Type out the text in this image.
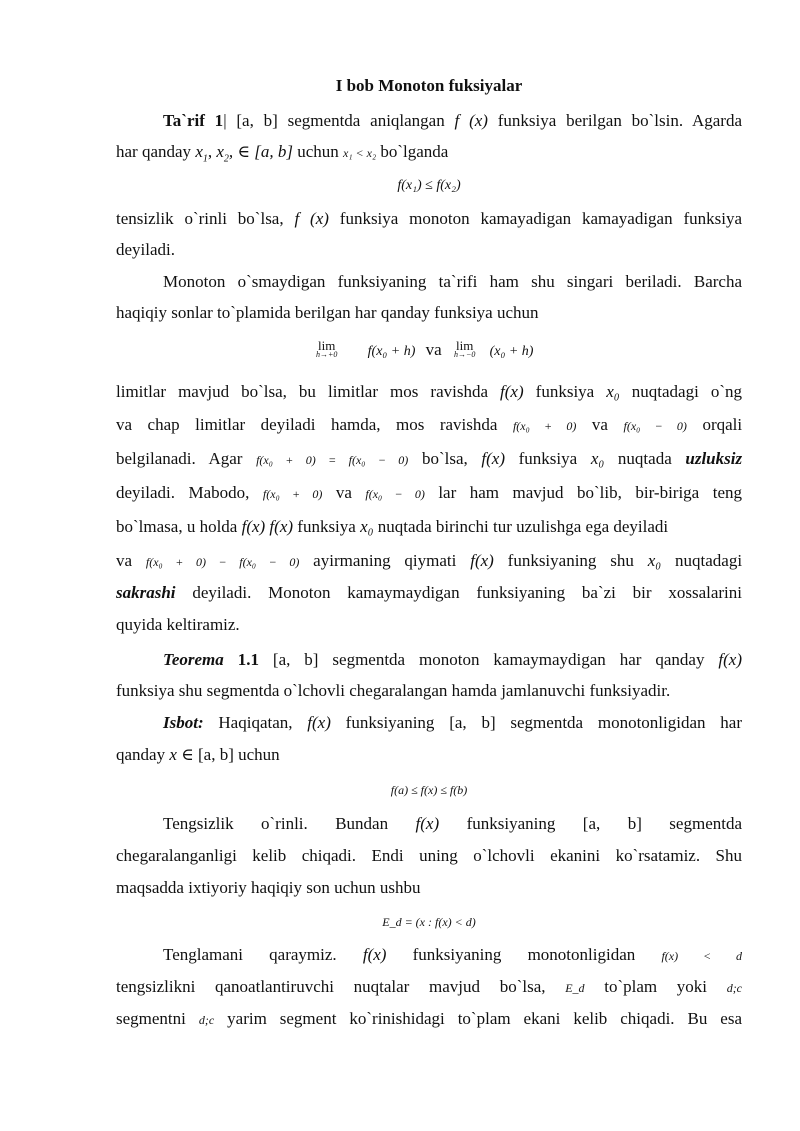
I bob Monoton fuksiyalar
Ta`rif 1| [a, b] segmentda aniqlangan f (x) funksiya berilgan bo`lsin. Agarda
har qanday $x_1$, $x_2$, ∈ [a, b] uchun x₁ < x₂ bo`lganda
f(x₁) ≤ f(x₂)
tensizlik o`rinli bo`lsa, f (x) funksiya monoton kamayadigan kamayadigan funksiya
deyiladi.
Monoton o`smaydigan funksiyaning ta`rifi ham shu singari beriladi. Barcha
haqiqiy sonlar to`plamida berilgan har qanday funksiya uchun
lim
h→+0 f(x₀ + h) va lim
h→−0 (x₀ + h)
limitlar mavjud bo`lsa, bu limitlar mos ravishda f(x) funksiya x₀ nuqtadagi o`ng
va chap limitlar deyiladi hamda, mos ravishda f(x₀ + 0) va f(x₀ − 0) orqali
belgilanadi. Agar f(x₀ + 0) = f(x₀ − 0) bo`lsa, f(x) funksiya x₀ nuqtada uzluksiz
deyiladi. Mabodo, f(x₀ + 0) va f(x₀ − 0) lar ham mavjud bo`lib, bir-biriga teng
bo`lmasa, u holda f(x) f(x) funksiya x₀ nuqtada birinchi tur uzulishga ega deyiladi
va f(x₀ + 0) − f(x₀ − 0) ayirmaning qiymati f(x) funksiyaning shu x₀ nuqtadagi
sakrashi deyiladi. Monoton kamaymaydigan funksiyaning ba`zi bir xossalarini
quyida keltiramiz.
Teorema 1.1 [a, b] segmentda monoton kamaymaydigan har qanday f(x)
funksiya shu segmentda o`lchovli chegaralangan hamda jamlanuvchi funksiyadir.
Isbot: Haqiqatan, f(x) funksiyaning [a, b] segmentda monotonligidan har
qanday x ∈ [a, b] uchun
f(a) ≤ f(x) ≤ f(b)
Tengsizlik o`rinli. Bundan f(x) funksiyaning [a, b] segmentda
chegaralanganligi kelib chiqadi. Endi uning o`lchovli ekanini ko`rsatamiz. Shu
maqsadda ixtiyoriy haqiqiy son uchun ushbu
E_d = (x : f(x) < d)
Tenglamani qaraymiz. f(x) funksiyaning monotonligidan f(x) < d
tengsizlikni qanoatlantiruvchi nuqtalar mavjud bo`lsa, E_d to`plam yoki d;c
segmentni d;c yarim segment ko`rinishidagi to`plam ekani kelib chiqadi. Bu esa
